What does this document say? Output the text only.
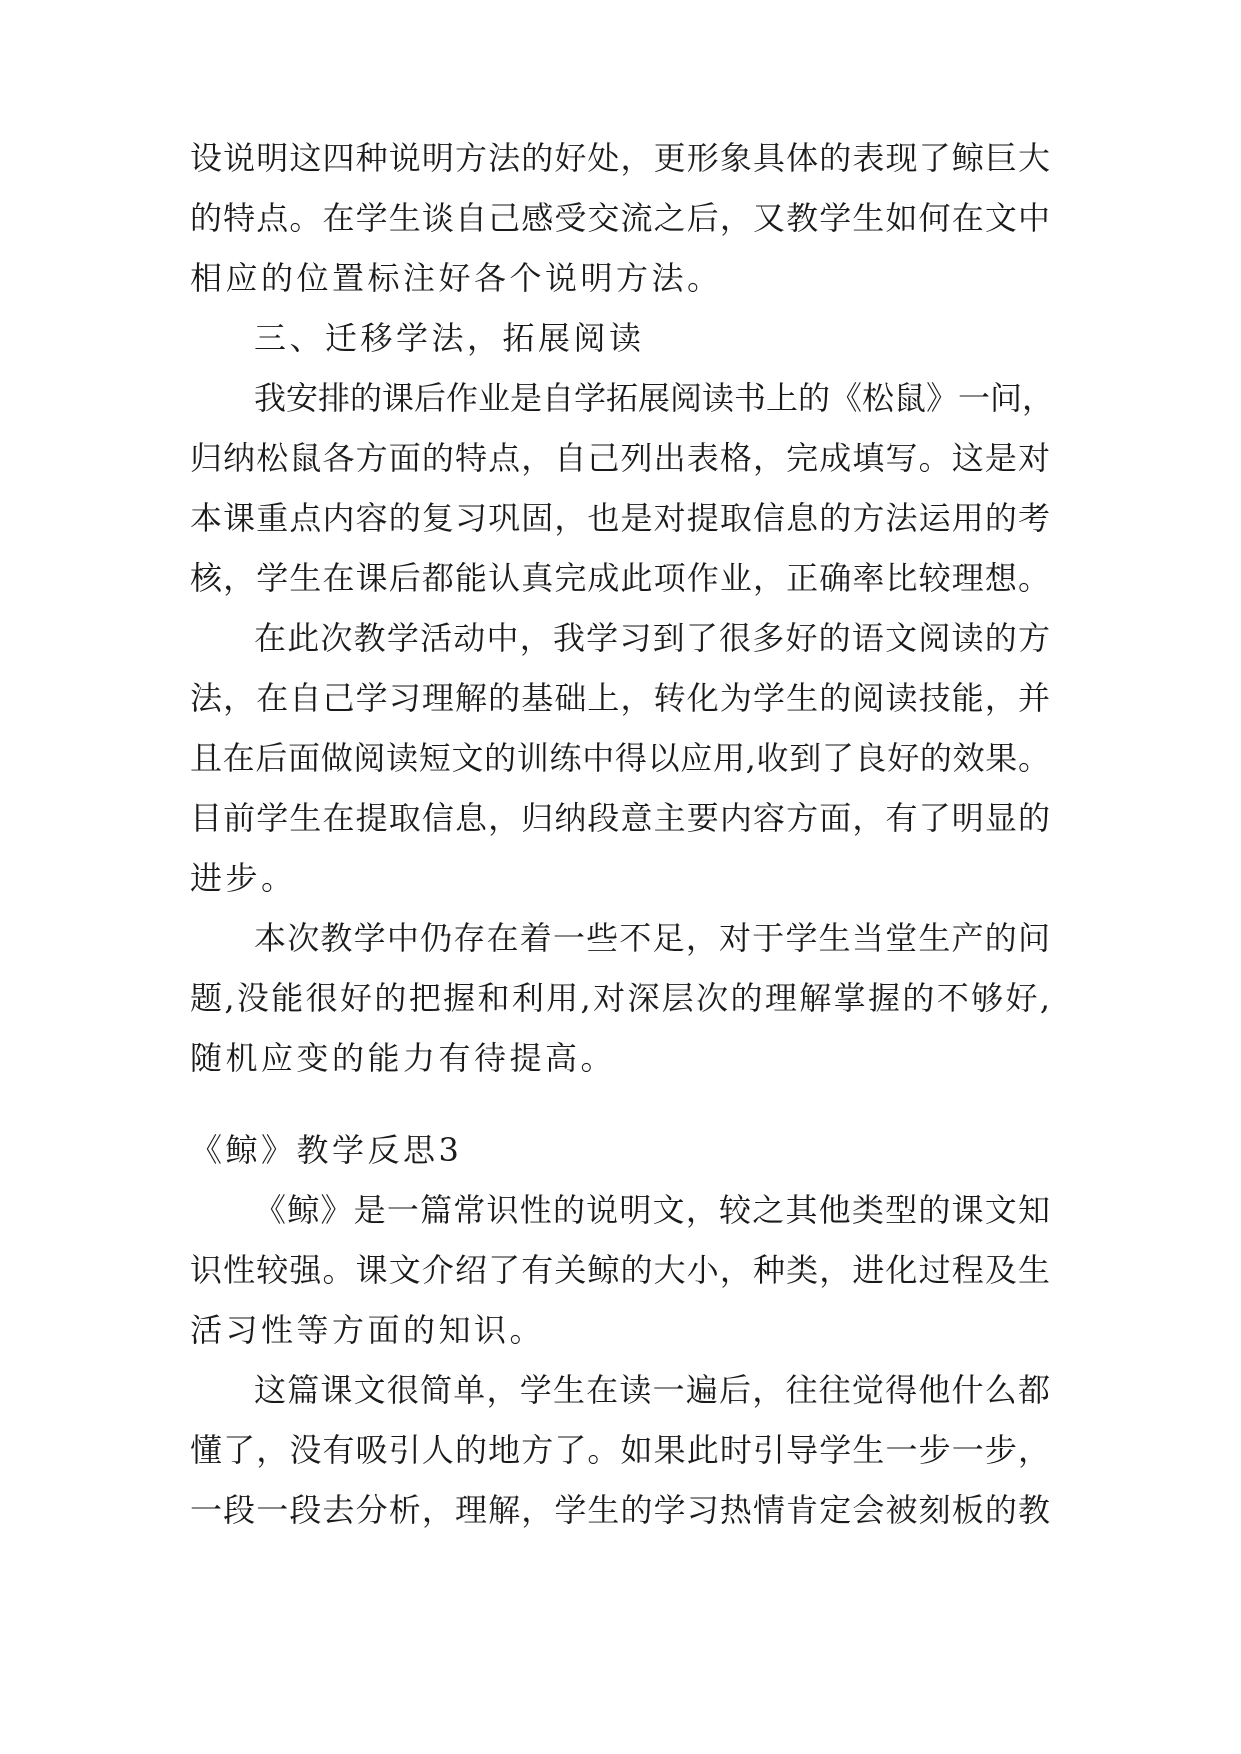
设说明这四种说明方法的好处，更形象具体的表现了鲸巨大
的特点。在学生谈自己感受交流之后，又教学生如何在文中
相应的位置标注好各个说明方法。
三、迁移学法，拓展阅读
我安排的课后作业是自学拓展阅读书上的《松鼠》一问，
归纳松鼠各方面的特点，自己列出表格，完成填写。这是对
本课重点内容的复习巩固，也是对提取信息的方法运用的考
核，学生在课后都能认真完成此项作业，正确率比较理想。
在此次教学活动中，我学习到了很多好的语文阅读的方
法，在自己学习理解的基础上，转化为学生的阅读技能，并
且在后面做阅读短文的训练中得以应用,收到了良好的效果。
目前学生在提取信息，归纳段意主要内容方面，有了明显的
进步。
本次教学中仍存在着一些不足，对于学生当堂生产的问
题,没能很好的把握和利用,对深层次的理解掌握的不够好,
随机应变的能力有待提高。
《鲸》教学反思3
《鲸》是一篇常识性的说明文，较之其他类型的课文知
识性较强。课文介绍了有关鲸的大小，种类，进化过程及生
活习性等方面的知识。
这篇课文很简单，学生在读一遍后，往往觉得他什么都
懂了，没有吸引人的地方了。如果此时引导学生一步一步，
一段一段去分析，理解，学生的学习热情肯定会被刻板的教
